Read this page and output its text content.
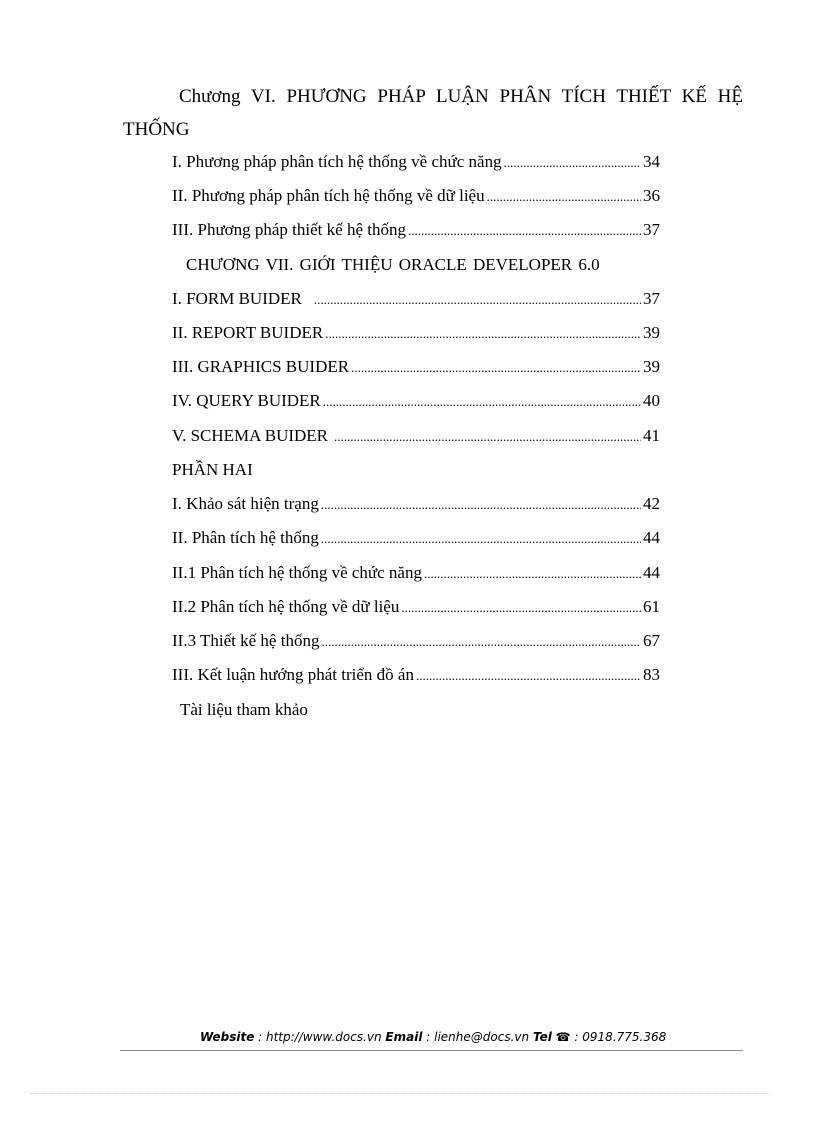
Chương VI. PHƯƠNG PHÁP LUẬN PHÂN TÍCH THIẾT KẾ HỆ THỐNG
I. Phương pháp phân tích hệ thống về chức năng .....	34
II. Phương pháp phân tích hệ thống về dữ liệu .....	36
III. Phương pháp thiết kế hệ thống .....	37
CHƯƠNG VII. GIỚI THIỆU ORACLE DEVELOPER 6.0
I. FORM BUIDER .....	37
II. REPORT BUIDER .....	39
III. GRAPHICS BUIDER .....	39
IV. QUERY BUIDER .....	40
V. SCHEMA BUIDER .....	41
PHẦN HAI
I. Khảo sát hiện trạng .....	42
II. Phân tích hệ thống .....	44
II.1 Phân tích hệ thống về chức năng .....	44
II.2 Phân tích hệ thống về dữ liệu .....	61
II.3 Thiết kế hệ thống .....	67
III. Kết luận hướng phát triển đồ án .....	83
Tài liệu tham khảo
Website : http://www.docs.vn Email : lienhe@docs.vn Tel ☎ : 0918.775.368
